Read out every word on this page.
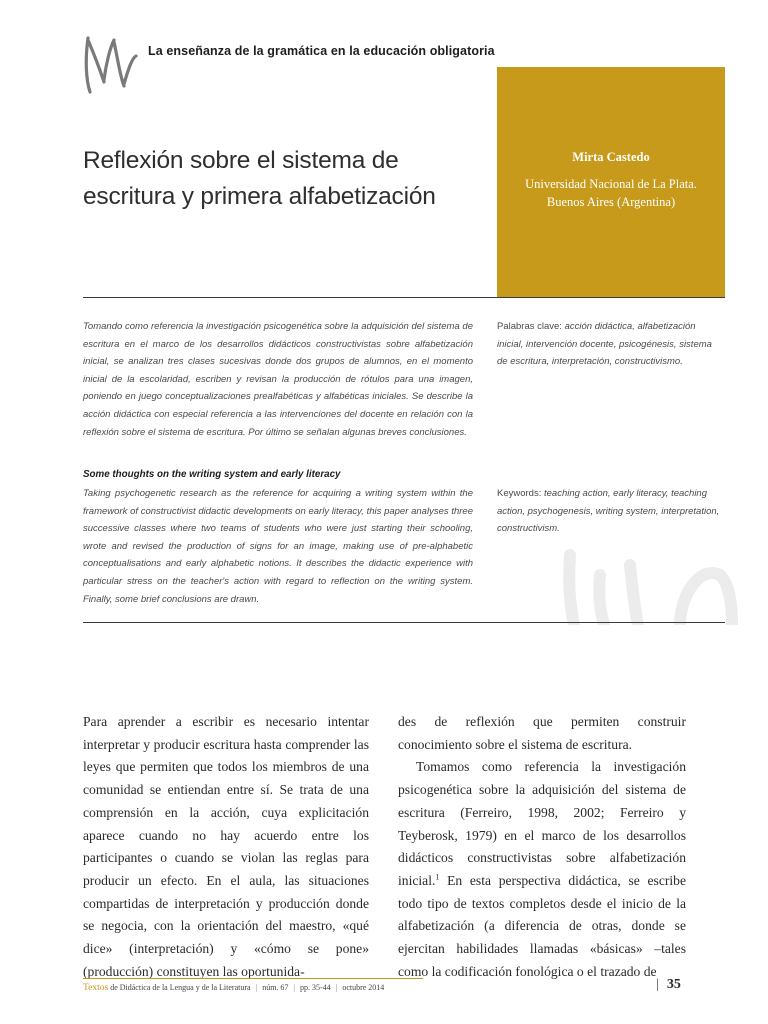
La enseñanza de la gramática en la educación obligatoria
Reflexión sobre el sistema de escritura y primera alfabetización
Mirta Castedo
Universidad Nacional de La Plata.
Buenos Aires (Argentina)
Tomando como referencia la investigación psicogenética sobre la adquisición del sistema de escritura en el marco de los desarrollos didácticos constructivistas sobre alfabetización inicial, se analizan tres clases sucesivas donde dos grupos de alumnos, en el momento inicial de la escolaridad, escriben y revisan la producción de rótulos para una imagen, poniendo en juego conceptualizaciones prealfabéticas y alfabéticas iniciales. Se describe la acción didáctica con especial referencia a las intervenciones del docente en relación con la reflexión sobre el sistema de escritura. Por último se señalan algunas breves conclusiones.
Palabras clave: acción didáctica, alfabetización inicial, intervención docente, psicogénesis, sistema de escritura, interpretación, constructivismo.
Some thoughts on the writing system and early literacy
Taking psychogenetic research as the reference for acquiring a writing system within the framework of constructivist didactic developments on early literacy, this paper analyses three successive classes where two teams of students who were just starting their schooling, wrote and revised the production of signs for an image, making use of pre-alphabetic conceptualisations and early alphabetic notions. It describes the didactic experience with particular stress on the teacher's action with regard to reflection on the writing system. Finally, some brief conclusions are drawn.
Keywords: teaching action, early literacy, teaching action, psychogenesis, writing system, interpretation, constructivism.

Para aprender a escribir es necesario intentar interpretar y producir escritura hasta comprender las leyes que permiten que todos los miembros de una comunidad se entiendan entre sí. Se trata de una comprensión en la acción, cuya explicitación aparece cuando no hay acuerdo entre los participantes o cuando se violan las reglas para producir un efecto. En el aula, las situaciones compartidas de interpretación y producción donde se negocia, con la orientación del maestro, «qué dice» (interpretación) y «cómo se pone» (producción) constituyen las oportunida-

des de reflexión que permiten construir conocimiento sobre el sistema de escritura.

Tomamos como referencia la investigación psicogenética sobre la adquisición del sistema de escritura (Ferreiro, 1998, 2002; Ferreiro y Teyberosk, 1979) en el marco de los desarrollos didácticos constructivistas sobre alfabetización inicial.$^1$ En esta perspectiva didáctica, se escribe todo tipo de textos completos desde el inicio de la alfabetización (a diferencia de otras, donde se ejercitan habilidades llamadas «básicas» –tales como la codificación fonológica o el trazado de

Textos de Didáctica de la Lengua y de la Literatura | núm. 67 | pp. 35-44 | octubre 2014	| 35
